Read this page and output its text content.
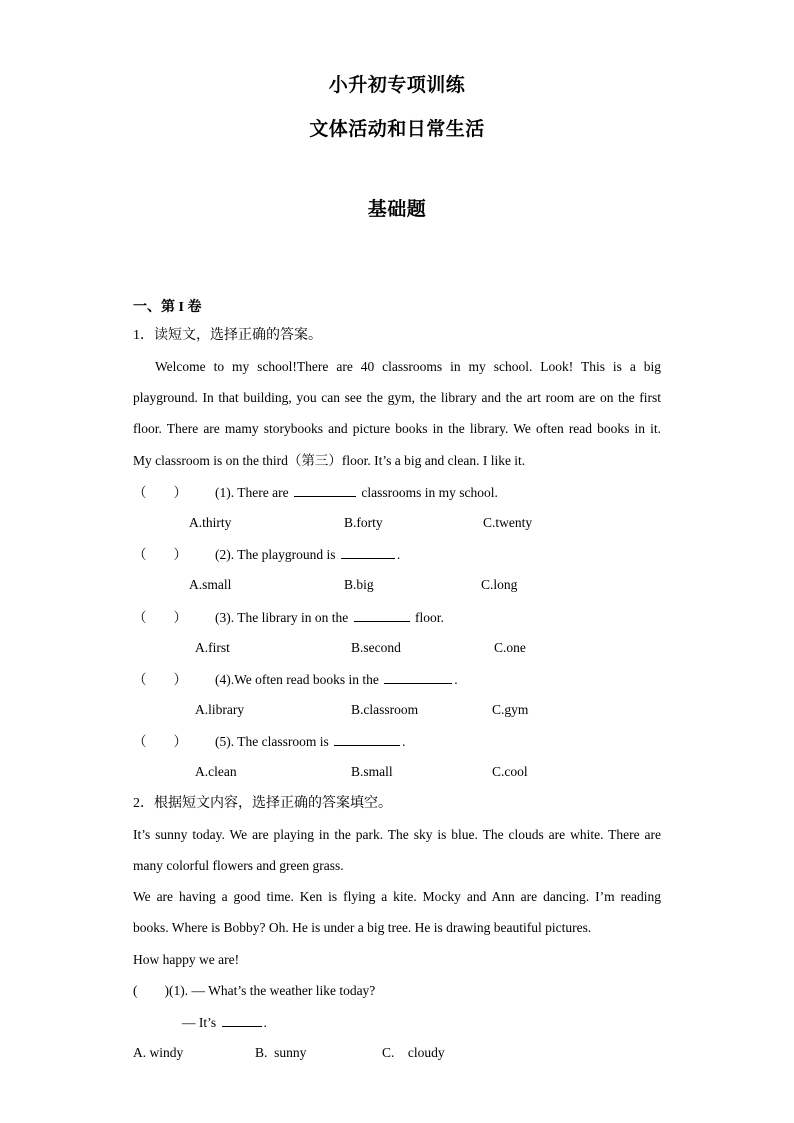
小升初专项训练
文体活动和日常生活
基础题
一、第 I 卷
1．读短文，选择正确的答案。
Welcome to my school!There are 40 classrooms in my school. Look! This is a big
playground. In that building, you can see the gym, the library and the art room are on the first
floor. There are mamy storybooks and picture books in the library. We often read books in it.
My classroom is on the third（第三）floor. It’s a big and clean. I like it.
（　　） (1). There are	classrooms in my school.
A.thirty	B.forty	C.twenty
（　　） (2). The playground is	.
A.small	B.big	C.long
（　　） (3). The library in on the	floor.
A.first	B.second	C.one
（　　） (4).We often read books in the	.
A.library	B.classroom	C.gym
（　　） (5). The classroom is	.
A.clean	B.small	C.cool
2．根据短文内容，选择正确的答案填空。
It’s sunny today. We are playing in the park. The sky is blue. The clouds are white. There are
many colorful flowers and green grass.
We are having a good time. Ken is flying a kite. Mocky and Ann are dancing. I’m reading
books. Where is Bobby? Oh. He is under a big tree. He is drawing beautiful pictures.
How happy we are!
(　　)(1). — What’s the weather like today?
— It’s	.
A. windy	B.  sunny	C.    cloudy
